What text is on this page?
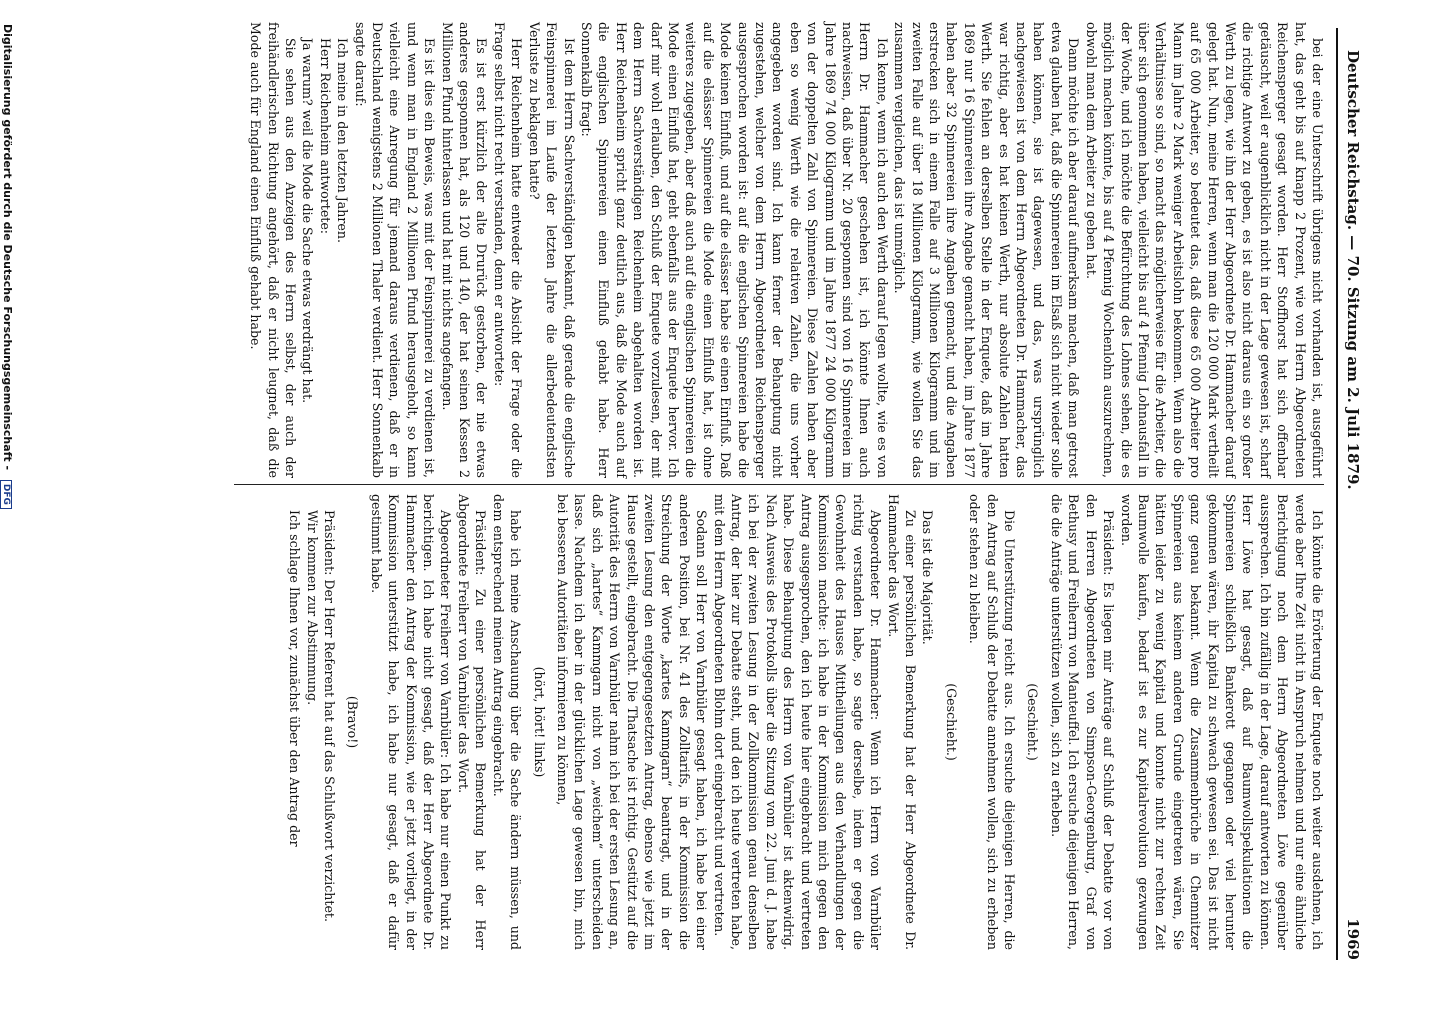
Deutscher Reichstag. — 70. Sitzung am 2. Juli 1879.
1969

bei der eine Unterschrift übrigens nicht vorhanden ist, ausgeführt hat, das geht bis auf knapp 2 Prozent, wie von Herrn Abgeordneten Reichensperger gesagt worden. Herr Stoffhorst hat sich offenbar getäuscht, weil er augenblicklich nicht in der Lage gewesen ist, scharf die richtige Antwort zu geben, es ist also nicht daraus ein so großer Werth zu legen, wie ihn der Herr Abgeordnete Dr. Hammacher darauf gelegt hat. Nun, meine Herren, wenn man die 120 000 Mark vertheilt auf 65 000 Arbeiter, so bedeutet das, daß diese 65 000 Arbeiter pro Mann im Jahre 2 Mark weniger Arbeitslohn bekommen. Wenn also die Verhältnisse so sind, so macht das möglicherweise für die Arbeiter, die über sich genommen haben, vielleicht bis auf 4 Pfennig Lohnausfall in der Woche, und ich möchte die Befürchtung des Lohnes sehen, die es möglich machen könnte, bis auf 4 Pfennig Wochenlohn auszurechnen, obwohl man dem Arbeiter zu geben hat.

Dann möchte ich aber darauf aufmerksam machen, daß man getrost etwa glauben hat, daß die Spinnereien im Elsaß sich nicht wieder solle haben können, sie ist dagewesen, und das, was ursprünglich nachgewiesen ist von dem Herrn Abgeordneten Dr. Hammacher, das war richtig, aber es hat keinen Werth, nur absolute Zahlen hatten Werth. Sie fehlen an derselben Stelle in der Enquete, daß im Jahre 1869 nur 16 Spinnereien ihre Angabe gemacht haben, im Jahre 1877 haben aber 32 Spinnereien ihre Angaben gemacht, und die Angaben erstrecken sich in einem Falle auf 3 Millionen Kilogramm und im zweiten Falle auf über 18 Millionen Kilogramm, wie wollen Sie das zusammen vergleichen, das ist unmöglich.

Ich kenne, wenn ich auch den Werth darauf legen wollte, wie es von Herrn Dr. Hammacher geschehen ist, ich könnte Ihnen auch nachweisen, daß über Nr. 20 gesponnen sind von 16 Spinnereien im Jahre 1869 74 000 Kilogramm und im Jahre 1877 24 000 Kilogramm von der doppelten Zahl von Spinnereien. Diese Zahlen haben aber eben so wenig Werth wie die relativen Zahlen, die uns vorher angegeben worden sind. Ich kann ferner der Behauptung nicht zugestehen, welcher von dem Herrn Abgeordneten Reichensperger ausgesprochen worden ist: auf die englischen Spinnereien habe die Mode keinen Einfluß, und auf die elsässer habe sie einen Einfluß. Daß auf die elsässer Spinnereien die Mode einen Einfluß hat, ist ohne weiteres zugegeben, aber daß auch auf die englischen Spinnereien die Mode einen Einfluß hat, geht ebenfalls aus der Enquete hervor. Ich darf mir wohl erlauben, den Schluß der Enquete vorzulesen, der mit dem Herrn Sachverständigen Reichenheim abgehalten worden ist. Herr Reichenheim spricht ganz deutlich aus, daß die Mode auch auf die englischen Spinnereien einen Einfluß gehabt habe. Herr Sonnenkalb fragt:

Ist dem Herrn Sachverständigen bekannt, daß gerade die englische Feinspinnerei im Laufe der letzten Jahre die allerbedeutendsten Verluste zu beklagen hatte?

Herr Reichenheim hatte entweder die Absicht der Frage oder die Frage selbst nicht recht verstanden, denn er antwortete:

Es ist erst kürzlich der alte Drurück gestorben, der nie etwas anderes gesponnen hat, als 120 und 140, der hat seinen Kessen 2 Millionen Pfund hinterlassen und hat mit nichts angefangen.

Es ist dies ein Beweis, was mit der Feinspinnerei zu verdienen ist, und wenn man in England 2 Millionen Pfund herausgeholt, so kann vielleicht eine Anregung für jemand daraus verdienen, daß er in Deutschland wenigstens 2 Millionen Thaler verdient. Herr Sonnenkalb sagte darauf:

Ich meine in den letzten Jahren.

Herr Reichenheim antwortete:

Ja warum? weil die Mode die Sache etwas verdrängt hat.

Sie sehen aus den Anzeigen des Herrn selbst, der auch der freihändlerischen Richtung angehört, daß er nicht leugnet, daß die Mode auch für England einen Einfluß gehabt habe.

Ich könnte die Erörterung der Enquete noch weiter ausdehnen, ich werde aber Ihre Zeit nicht in Anspruch nehmen und nur eine ähnliche Berichtigung noch dem Herrn Abgeordneten Löwe gegenüber aussprechen. Ich bin zufällig in der Lage, darauf antworten zu können. Herr Löwe hat gesagt, daß auf Baumwollspekulationen die Spinnereien schließlich Bankerott gegangen oder viel herunter gekommen wären, ihr Kapital zu schwach gewesen sei. Das ist nicht ganz genau bekannt. Wenn die Zusammenbrüche in Chemnitzer Spinnereien aus keinem anderen Grunde eingetreten wären, Sie hätten leider zu wenig Kapital und konnte nicht zur rechten Zeit Baumwolle kaufen, bedarf ist es zur Kapitalrevolution gezwungen worden.

Präsident: Es liegen mir Anträge auf Schluß der Debatte vor von den Herren Abgeordneten von Simpson-Georgenburg, Graf von Bethusy und Freiherrn von Manteuffel. Ich ersuche diejenigen Herren, die die Anträge unterstützen wollen, sich zu erheben.

(Geschieht.)

Die Unterstützung reicht aus. Ich ersuche diejenigen Herren, die den Antrag auf Schluß der Debatte annehmen wollen, sich zu erheben oder stehen zu bleiben.

(Geschieht.)

Das ist die Majorität.

Zu einer persönlichen Bemerkung hat der Herr Abgeordnete Dr. Hammacher das Wort.

Abgeordneter Dr. Hammacher: Wenn ich Herrn von Varnbüler richtig verstanden habe, so sagte derselbe, indem er gegen die Gewohnheit des Hauses Mittheilungen aus den Verhandlungen der Kommission machte: ich habe in der Kommission mich gegen den Antrag ausgesprochen, den ich heute hier eingebracht und vertreten habe. Diese Behauptung des Herrn von Varnbüler ist aktenwidrig. Nach Ausweis des Protokolls über die Sitzung vom 22. Juni d. J. habe ich bei der zweiten Lesung in der Zollkommission genau denselben Antrag, der hier zur Debatte steht, und den ich heute vertreten habe, mit dem Herrn Abgeordneten Blohm dort eingebracht und vertreten.

Sodann soll Herr von Varnbüler gesagt haben, ich habe bei einer anderen Position, bei Nr. 41 des Zolltarifs, in der Kommission die Streichung der Worte „kartes Kammgarn“ beantragt, und in der zweiten Lesung den entgegengesetzten Antrag, ebenso wie jetzt im Hause gestellt, eingebracht. Die Thatsache ist richtig. Gestützt auf die Autorität des Herrn von Varnbüler nahm ich bei der ersten Lesung an, daß sich „hartes“ Kammgarn nicht von „weichem“ unterscheiden lasse. Nachdem ich aber in der glücklichen Lage gewesen bin, mich bei besseren Autoritäten informieren zu können,

(hört, hört! links)

habe ich meine Anschauung über die Sache ändern müssen, und dem entsprechend meinen Antrag eingebracht.

Präsident: Zu einer persönlichen Bemerkung hat der Herr Abgeordnete Freiherr von Varnbüler das Wort.

Abgeordneter Freiherr von Varnbüler: Ich habe nur einen Punkt zu berichtigen. Ich habe nicht gesagt, daß der Herr Abgeordnete Dr. Hammacher den Antrag der Kommission, wie er jetzt vorliegt, in der Kommission unterstützt habe, ich habe nur gesagt, daß er dafür gestimmt habe.

(Bravo!)

Präsident: Der Herr Referent hat auf das Schlußwort verzichtet.

Wir kommen zur Abstimmung.

Ich schlage Ihnen vor, zunächst über den Antrag der

Digitalisierung gefördert durch die Deutsche Forschungsgemeinschaft - DFG
